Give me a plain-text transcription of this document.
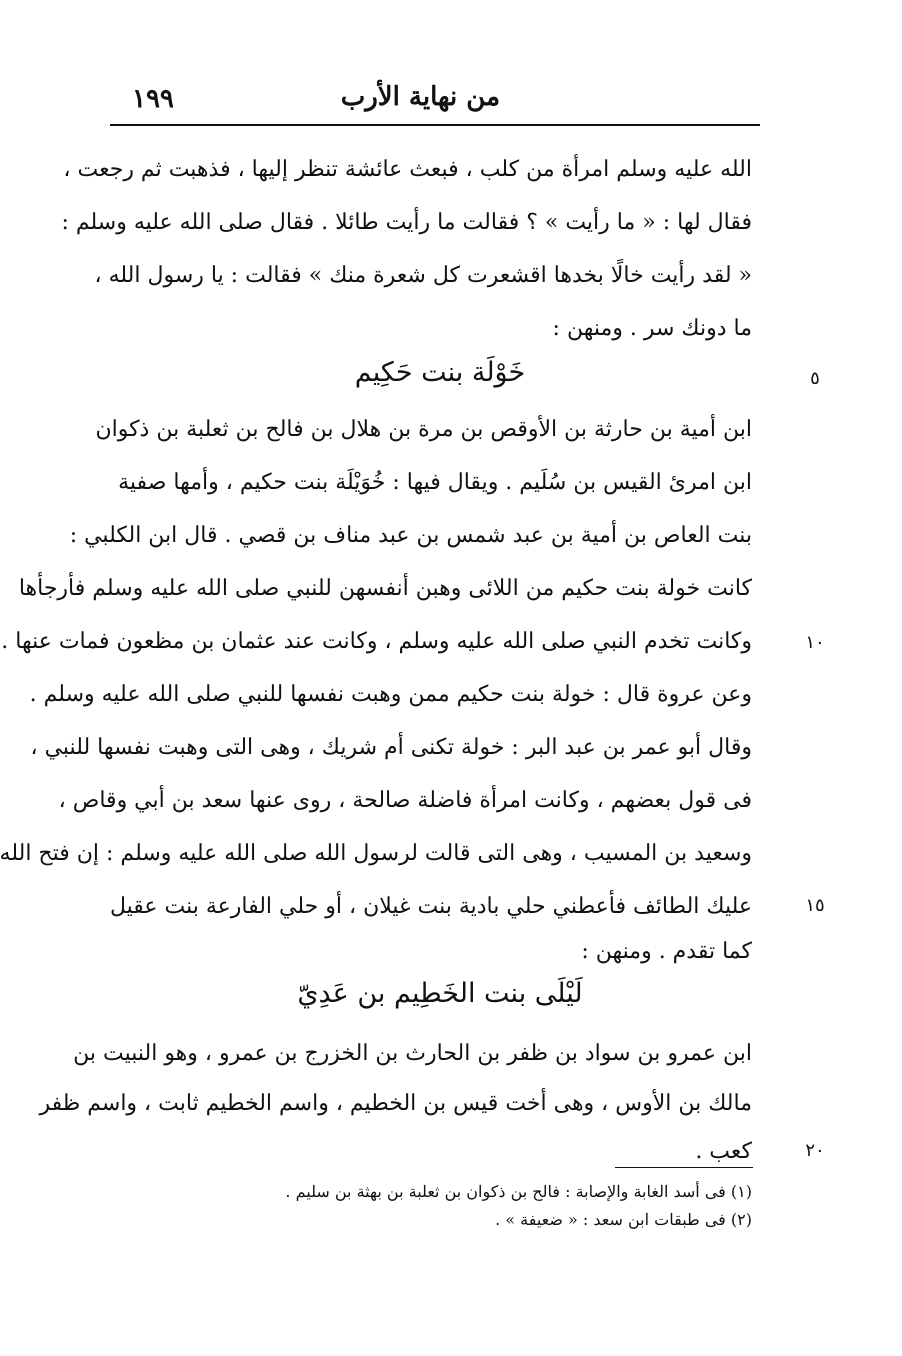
١٩٩	من نهاية الأرب
الله عليه وسلم امرأة من كلب ، فبعث عائشة تنظر إليها ، فذهبت ثم رجعت ،
فقال لها : « ما رأيت » ؟ فقالت ما رأيت طائلا . فقال صلى الله عليه وسلم :
« لقد رأيت خالًا بخدها اقشعرت كل شعرة منك » فقالت : يا رسول الله ،
ما دونك سر . ومنهن :
خَوْلَة بنت حَكِيم	٥
ابن أمية بن حارثة بن الأوقص بن مرة بن هلال بن فالح بن ثعلبة بن ذكوان
ابن امرئ القيس بن سُلَيم . ويقال فيها : خُوَيْلَة بنت حكيم ، وأمها صفية
بنت العاص بن أمية بن عبد شمس بن عبد مناف بن قصي . قال ابن الكلبي :
كانت خولة بنت حكيم من اللائى وهبن أنفسهن للنبي صلى الله عليه وسلم فأرجأها
وكانت تخدم النبي صلى الله عليه وسلم ، وكانت عند عثمان بن مظعون فمات عنها .
وعن عروة قال : خولة بنت حكيم ممن وهبت نفسها للنبي صلى الله عليه وسلم .
وقال أبو عمر بن عبد البر : خولة تكنى أم شريك ، وهى التى وهبت نفسها للنبي ،
فى قول بعضهم ، وكانت امرأة فاضلة صالحة ، روى عنها سعد بن أبي وقاص ،
وسعيد بن المسيب ، وهى التى قالت لرسول الله صلى الله عليه وسلم : إن فتح الله
عليك الطائف فأعطني حلي بادية بنت غيلان ، أو حلي الفارعة بنت عقيل
كما تقدم . ومنهن :
١٠
١٥
لَيْلَى بنت الخَطِيم بن عَدِيّ
ابن عمرو بن سواد بن ظفر بن الحارث بن الخزرج بن عمرو ، وهو النبيت بن
مالك بن الأوس ، وهى أخت قيس بن الخطيم ، واسم الخطيم ثابت ، واسم ظفر
كعب .	٢٠
(١) فى أسد الغابة والإصابة : فالح بن ذكوان بن ثعلبة بن بهثة بن سليم .
(٢) فى طبقات ابن سعد : « ضعيفة » .
